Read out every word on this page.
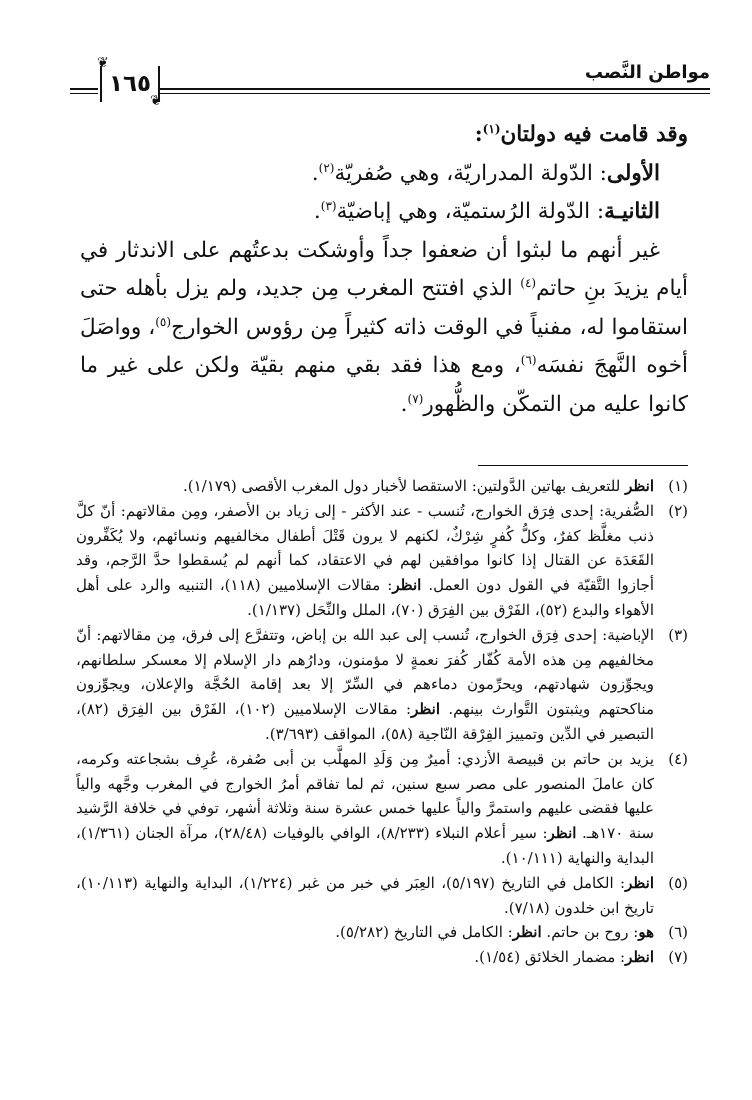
مواطن النَّصب
١٦٥
❦
❦

وقد قامت فيه دولتان$^{(١)}$:

الأولى: الدّولة المدراريّة، وهي صُفريّة$^{(٢)}$.

الثانيـة: الدّولة الرُستميّة، وهي إباضيّة$^{(٣)}$.

غير أنهم ما لبثوا أن ضعفوا جداً وأوشكت بدعتُهم على الاندثار في أيام يزيدَ بنِ حاتم$^{(٤)}$ الذي افتتح المغرب مِن جديد، ولم يزل بأهله حتى استقاموا له، مفنياً في الوقت ذاته كثيراً مِن رؤوس الخوارج$^{(٥)}$، وواصَلَ أخوه النَّهجَ نفسَه$^{(٦)}$، ومع هذا فقد بقي منهم بقيّة ولكن على غير ما كانوا عليه من التمكّن والظُّهور$^{(٧)}$.

(١)
انظر للتعريف بهاتين الدَّولتين: الاستقصا لأخبار دول المغرب الأقصى (١/١٧٩).
(٢)
الصُّفرية: إحدى فِرَق الخوارج، تُنسب - عند الأكثر - إلى زياد بن الأصفر، ومِن مقالاتهم: أنّ كلَّ ذنب مغلَّظ كفرٌ، وكلُّ كُفرٍ شِرْكٌ، لكنهم لا يرون قَتْلَ أطفال مخالفيهم ونسائهم، ولا يُكَفِّرون القَعَدَة عن القتال إذا كانوا موافقين لهم في الاعتقاد، كما أنهم لم يُسقطوا حدَّ الرَّجم، وقد أجازوا التَّقيّة في القول دون العمل. انظر: مقالات الإسلاميين (١١٨)، التنبيه والرد على أهل الأهواء والبدع (٥٢)، الفَرْق بين الفِرَق (٧٠)، الملل والنِّحَل (١/١٣٧).
(٣)
الإباضية: إحدى فِرَق الخوارج، تُنسب إلى عبد الله بن إباض، وتتفرَّع إلى فرق، مِن مقالاتهم: أنّ مخالفيهم مِن هذه الأمة كُفّار كُفرَ نعمةٍ لا مؤمنون، ودارُهم دار الإسلام إلا معسكر سلطانهم، ويجوِّزون شهادتهم، ويحرِّمون دماءهم في السِّرّ إلا بعد إقامة الحُجَّة والإعلان، ويجوِّزون مناكحتهم ويثبتون التَّوارث بينهم. انظر: مقالات الإسلاميين (١٠٢)، الفَرْق بين الفِرَق (٨٢)، التبصير في الدِّين وتمييز الفِرْقة النّاجية (٥٨)، المواقف (٣/٦٩٣).
(٤)
يزيد بن حاتم بن قبيصة الأزدي: أميرٌ مِن وَلَدِ المهلَّب بن أبى صُفرة، عُرِف بشجاعته وكرمه، كان عاملَ المنصور على مصر سبع سنين، ثم لما تفاقم أمرُ الخوارج في المغرب وجَّهه والياً عليها فقضى عليهم واستمرَّ والياً عليها خمس عشرة سنة وثلاثة أشهر، توفي في خلافة الرَّشيد سنة ١٧٠هـ. انظر: سير أعلام النبلاء (٨/٢٣٣)، الوافي بالوفيات (٢٨/٤٨)، مرآة الجنان (١/٣٦١)، البداية والنهاية (١٠/١١١).
(٥)
انظر: الكامل في التاريخ (٥/١٩٧)، العِبَر في خبر من غبر (١/٢٢٤)، البداية والنهاية (١٠/١١٣)، تاريخ ابن خلدون (٧/١٨).
(٦)
هو: روح بن حاتم. انظر: الكامل في التاريخ (٥/٢٨٢).
(٧)
انظر: مضمار الخلائق (١/٥٤).
